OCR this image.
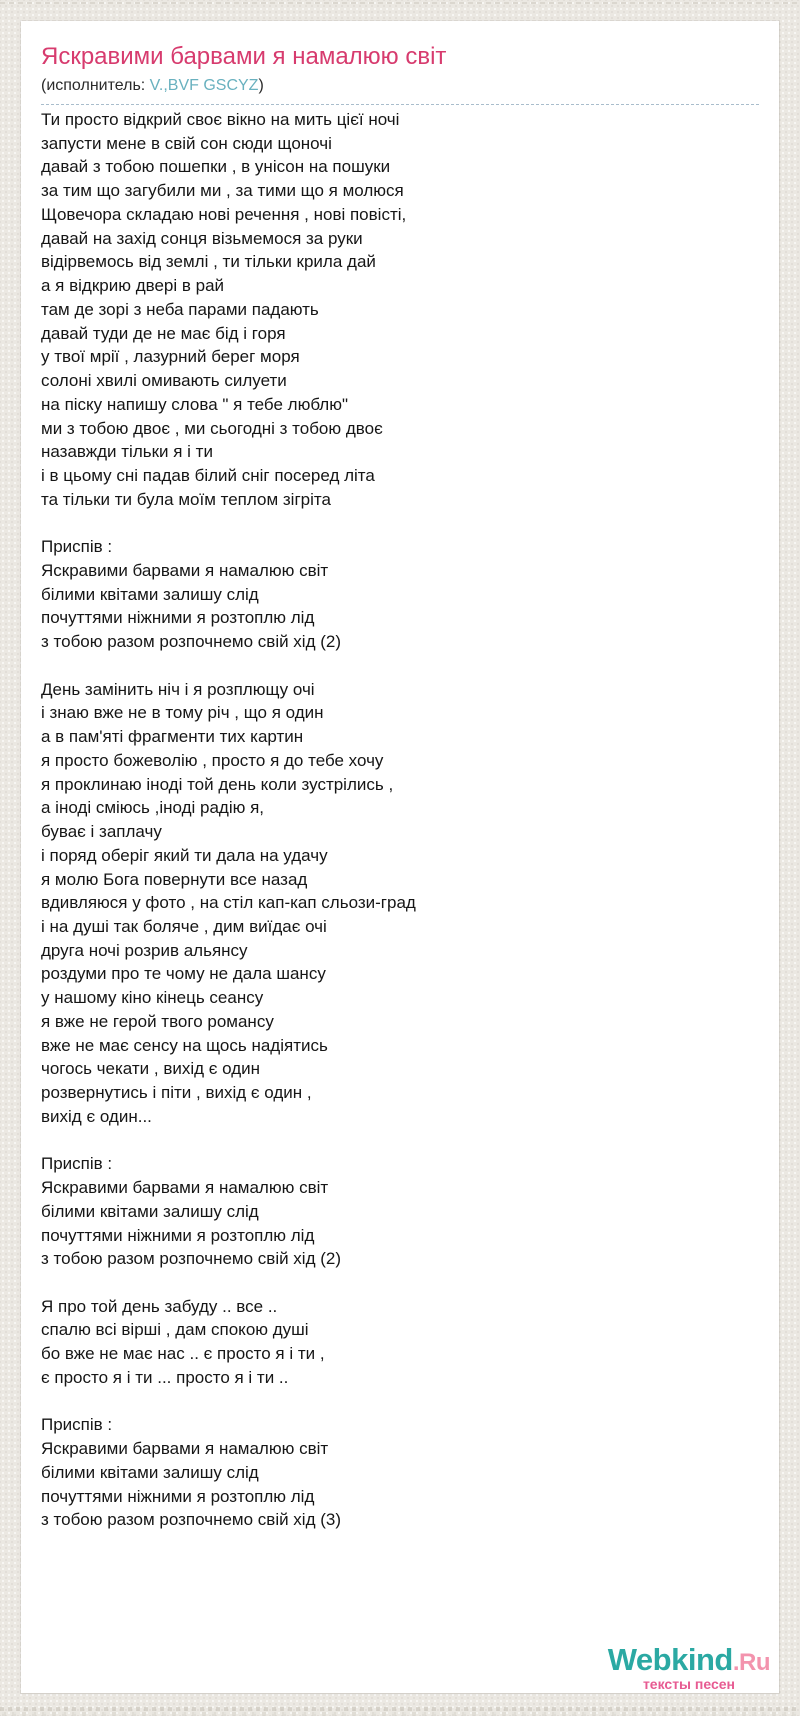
Яскравими барвами я намалюю світ
(исполнитель: V.,BVF GSCYZ)
Ти просто відкрий своє вікно на мить цієї ночі
запусти мене в свій сон сюди щоночі
давай з тобою пошепки , в унісон на пошуки
за тим що загубили ми , за тими що я молюся
Щовечора складаю нові речення , нові повісті,
давай на захід сонця візьмемося за руки
відірвемось від землі , ти тільки крила дай
а я відкрию двері в рай
там де зорі з неба парами падають
давай туди де не має бід і горя
у твої мрії , лазурний берег моря
солоні хвилі омивають силуети
на піску напишу слова " я тебе люблю"
ми з тобою двоє , ми сьогодні з тобою двоє
назавжди тільки я і ти
і в цьому сні падав білий сніг посеред літа
та тільки ти була моїм теплом зігріта

Приспів :
Яскравими барвами я намалюю світ
білими квітами залишу слід
почуттями ніжними я розтоплю лід
з тобою разом розпочнемо свій хід (2)

День замінить ніч і я розплющу очі
і знаю вже не в тому річ , що я один
а в пам'яті фрагменти тих картин
я просто божеволію , просто я до тебе хочу
я проклинаю іноді той день коли зустрілись ,
а іноді сміюсь ,іноді радію я,
буває і заплачу
і поряд оберіг який ти дала на удачу
я молю Бога повернути все назад
вдивляюся у фото , на стіл кап-кап сльози-град
і на душі так боляче , дим виїдає очі
друга ночі розрив альянсу
роздуми про те чому не дала шансу
у нашому кіно кінець сеансу
я вже не герой твого романсу
вже не має сенсу на щось надіятись
чогось чекати , вихід є один
розвернутись і піти , вихід є один ,
вихід є один...

Приспів :
Яскравими барвами я намалюю світ
білими квітами залишу слід
почуттями ніжними я розтоплю лід
з тобою разом розпочнемо свій хід (2)

Я про той день забуду .. все ..
спалю всі вірші , дам спокою душі
бо вже не має нас .. є просто я і ти ,
є просто я і ти ... просто я і ти ..

Приспів :
Яскравими барвами я намалюю світ
білими квітами залишу слід
почуттями ніжними я розтоплю лід
з тобою разом розпочнемо свій хід (3)
Webkind.Ru
тексты песен
